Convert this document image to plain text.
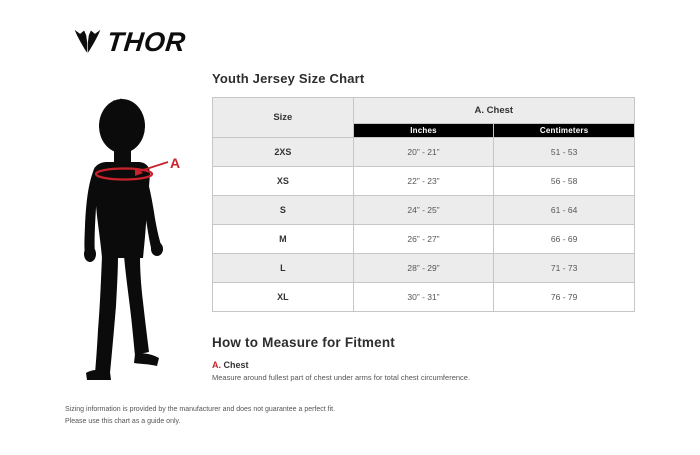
THOR
A
Youth Jersey Size Chart
Size	A. Chest	
	Inches	Centimeters
2XS	20” - 21”	51 - 53
XS	22” - 23”	56 - 58
S	24” - 25”	61 - 64
M	26” - 27”	66 - 69
L	28” - 29”	71 - 73
XL	30” - 31”	76 - 79
How to Measure for Fitment
A. Chest

Measure around fullest part of chest under arms for total chest circumference.

Sizing information is provided by the manufacturer and does not guarantee a perfect fit.

Please use this chart as a guide only.
